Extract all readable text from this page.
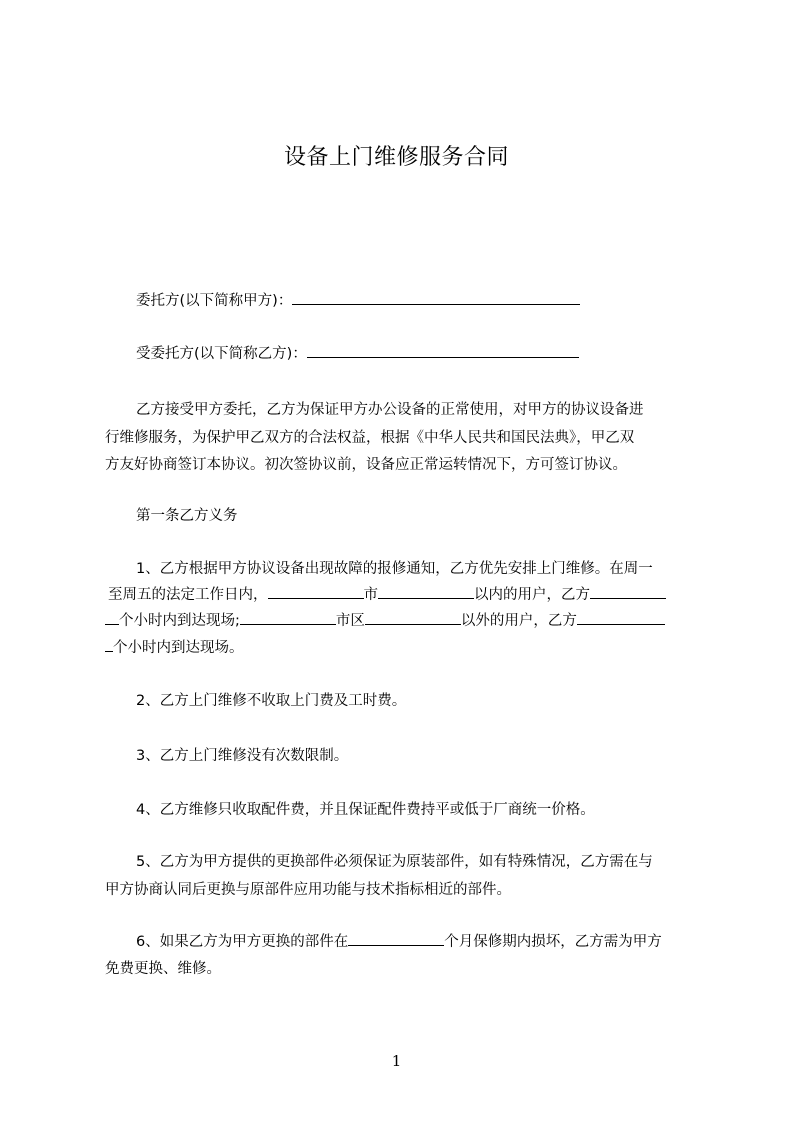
设备上门维修服务合同
委托方(以下简称甲方)：
受委托方(以下简称乙方)：
乙方接受甲方委托，乙方为保证甲方办公设备的正常使用，对甲方的协议设备进
行维修服务，为保护甲乙双方的合法权益，根据《中华人民共和国民法典》，甲乙双
方友好协商签订本协议。初次签协议前，设备应正常运转情况下，方可签订协议。
第一条乙方义务
1、乙方根据甲方协议设备出现故障的报修通知，乙方优先安排上门维修。在周一
至周五的法定工作日内，	市	以内的用户，乙方
个小时内到达现场;	市区	以外的用户，乙方
个小时内到达现场。
2、乙方上门维修不收取上门费及工时费。
3、乙方上门维修没有次数限制。
4、乙方维修只收取配件费，并且保证配件费持平或低于厂商统一价格。
5、乙方为甲方提供的更换部件必须保证为原装部件，如有特殊情况，乙方需在与
甲方协商认同后更换与原部件应用功能与技术指标相近的部件。
6、如果乙方为甲方更换的部件在	个月保修期内损坏，乙方需为甲方
免费更换、维修。
1
